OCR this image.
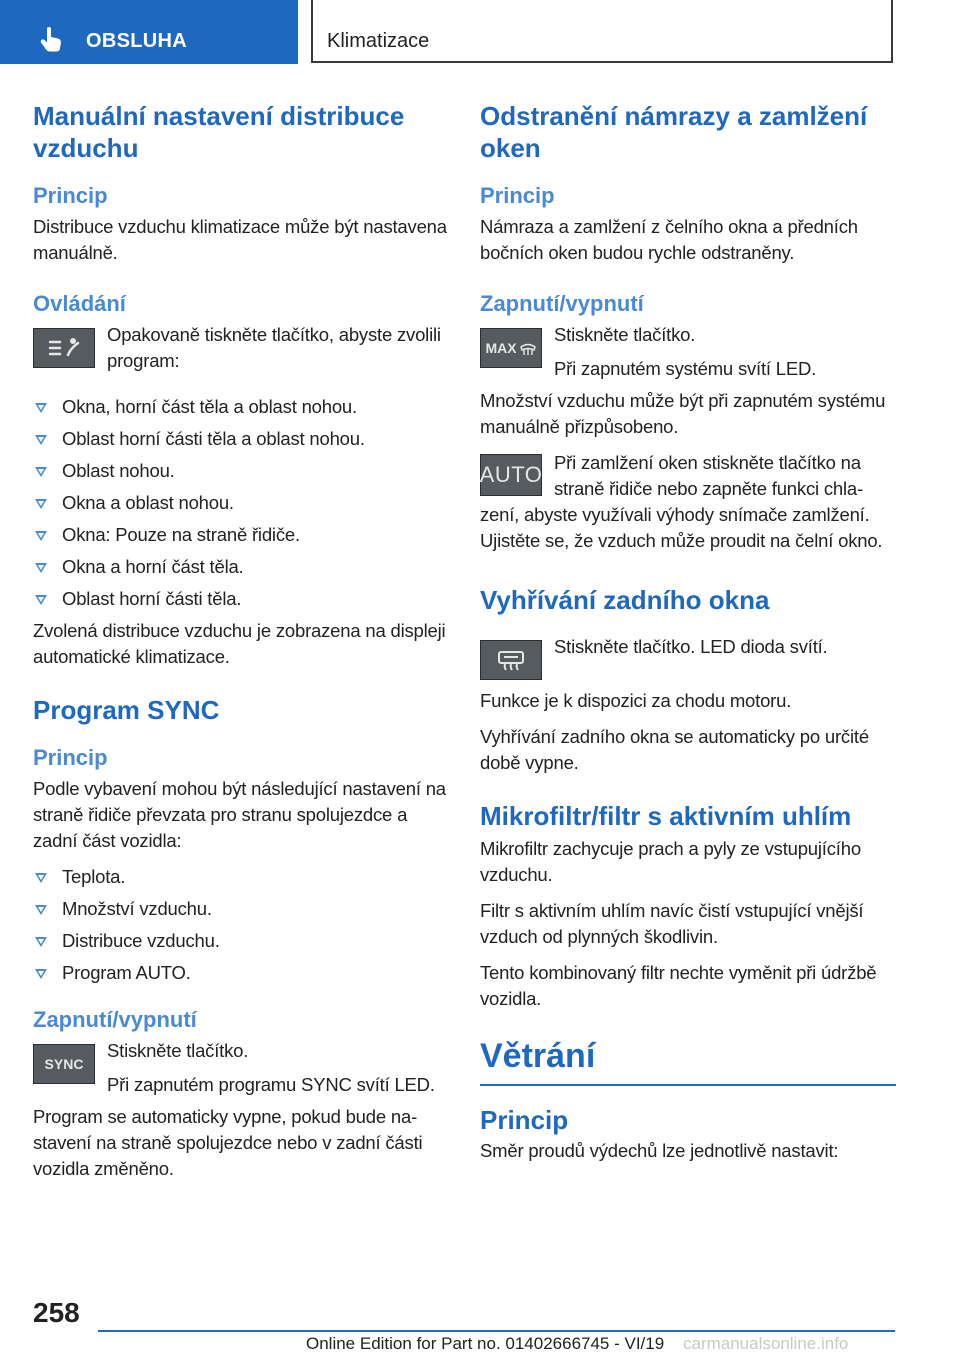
OBSLUHA	Klimatizace
Manuální nastavení distribuce vzduchu
Princip
Distribuce vzduchu klimatizace může být nastavena manuálně.
Ovládání
Opakovaně tiskněte tlačítko, abyste zvolili program:
Okna, horní část těla a oblast nohou.
Oblast horní části těla a oblast nohou.
Oblast nohou.
Okna a oblast nohou.
Okna: Pouze na straně řidiče.
Okna a horní část těla.
Oblast horní části těla.
Zvolená distribuce vzduchu je zobrazena na displeji automatické klimatizace.
Program SYNC
Princip
Podle vybavení mohou být následující nastavení na straně řidiče převzata pro stranu spolujezdce a zadní část vozidla:
Teplota.
Množství vzduchu.
Distribuce vzduchu.
Program AUTO.
Zapnutí/vypnutí
SYNC
Stiskněte tlačítko.
Při zapnutém programu SYNC svítí LED.
Program se automaticky vypne, pokud bude nastavení na straně spolujezdce nebo v zadní části vozidla změněno.
Odstranění námrazy a zamlžení oken
Princip
Námraza a zamlžení z čelního okna a předních bočních oken budou rychle odstraněny.
Zapnutí/vypnutí
MAX
Stiskněte tlačítko.
Při zapnutém systému svítí LED.
Množství vzduchu může být při zapnutém systému manuálně přizpůsobeno.
AUTO Při zamlžení oken stiskněte tlačítko na straně řidiče nebo zapněte funkci chlazení, abyste využívali výhody snímače zamlžení. Ujistěte se, že vzduch může proudit na čelní okno.
Vyhřívání zadního okna
Stiskněte tlačítko. LED dioda svítí.
Funkce je k dispozici za chodu motoru.
Vyhřívání zadního okna se automaticky po určité době vypne.
Mikrofiltr/filtr s aktivním uhlím
Mikrofiltr zachycuje prach a pyly ze vstupujícího vzduchu.
Filtr s aktivním uhlím navíc čistí vstupující vnější vzduch od plynných škodlivin.
Tento kombinovaný filtr nechte vyměnit při údržbě vozidla.
Větrání
Princip
Směr proudů výdechů lze jednotlivě nastavit:
258
Online Edition for Part no. 01402666745 - VI/19 carmanualsonline.info
